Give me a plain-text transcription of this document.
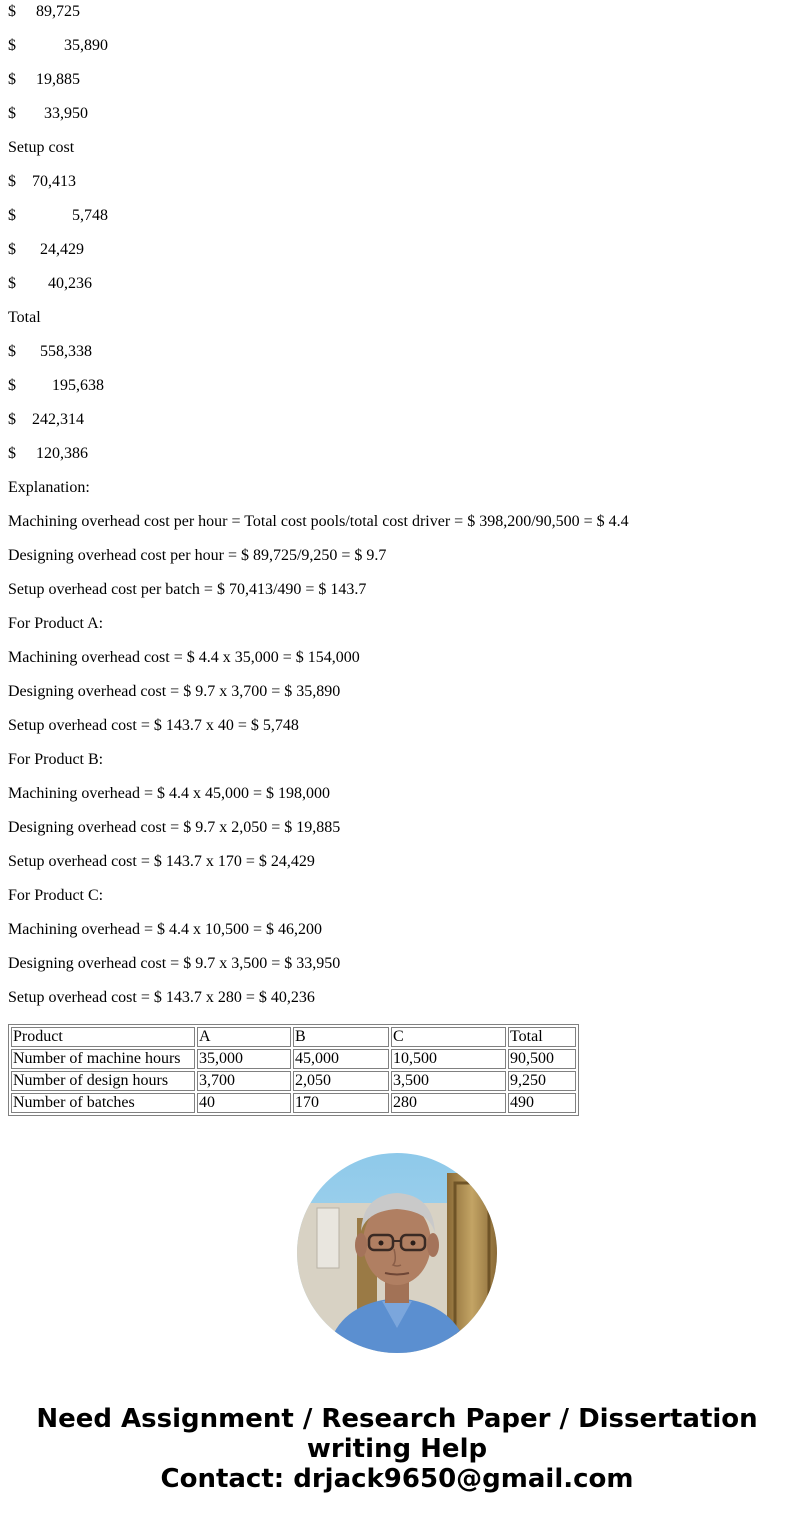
$     89,725

$            35,890

$     19,885

$       33,950

Setup cost

$    70,413

$              5,748

$      24,429

$        40,236

Total

$      558,338

$         195,638

$    242,314

$     120,386

Explanation:

Machining overhead cost per hour = Total cost pools/total cost driver = $ 398,200/90,500 = $ 4.4

Designing overhead cost per hour = $ 89,725/9,250 = $ 9.7

Setup overhead cost per batch = $ 70,413/490 = $ 143.7

For Product A:

Machining overhead cost = $ 4.4 x 35,000 = $ 154,000

Designing overhead cost = $ 9.7 x 3,700 = $ 35,890

Setup overhead cost = $ 143.7 x 40 = $ 5,748

For Product B:

Machining overhead = $ 4.4 x 45,000 = $ 198,000

Designing overhead cost = $ 9.7 x 2,050 = $ 19,885

Setup overhead cost = $ 143.7 x 170 = $ 24,429

For Product C:

Machining overhead = $ 4.4 x 10,500 = $ 46,200

Designing overhead cost = $ 9.7 x 3,500 = $ 33,950

Setup overhead cost = $ 143.7 x 280 = $ 40,236

Product	A	B	C	Total
Number of machine hours	35,000	45,000	10,500	90,500
Number of design hours	3,700	2,050	3,500	9,250
Number of batches	40	170	280	490
Need Assignment / Research Paper / Dissertation
writing Help
Contact: drjack9650@gmail.com
